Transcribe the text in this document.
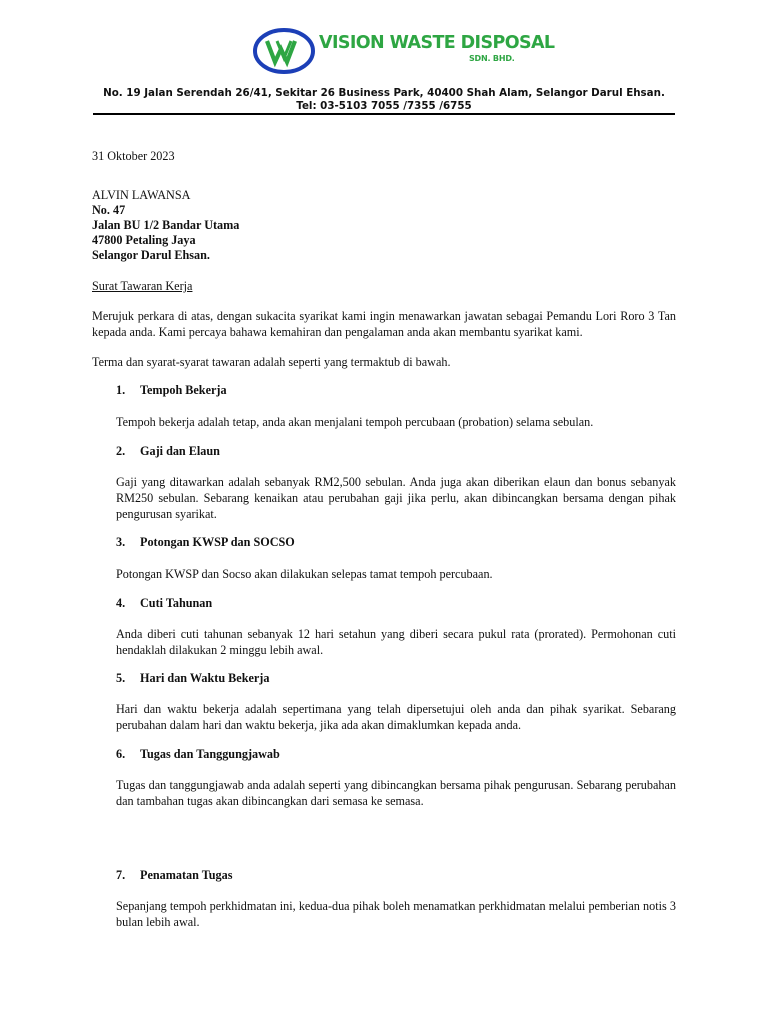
VISION WASTE DISPOSAL
SDN. BHD.
No. 19 Jalan Serendah 26/41, Sekitar 26 Business Park, 40400 Shah Alam, Selangor Darul Ehsan.
Tel: 03-5103 7055 /7355 /6755
31 Oktober 2023
ALVIN LAWANSA
No. 47
Jalan BU 1/2 Bandar Utama
47800 Petaling Jaya
Selangor Darul Ehsan.
Surat Tawaran Kerja
Merujuk perkara di atas, dengan sukacita syarikat kami ingin menawarkan jawatan sebagai Pemandu Lori Roro 3 Tan kepada anda. Kami percaya bahawa kemahiran dan pengalaman anda akan membantu syarikat kami.
Terma dan syarat-syarat tawaran adalah seperti yang termaktub di bawah.
1. Tempoh Bekerja
Tempoh bekerja adalah tetap, anda akan menjalani tempoh percubaan (probation) selama sebulan.
2. Gaji dan Elaun
Gaji yang ditawarkan adalah sebanyak RM2,500 sebulan. Anda juga akan diberikan elaun dan bonus sebanyak RM250 sebulan. Sebarang kenaikan atau perubahan gaji jika perlu, akan dibincangkan bersama dengan pihak pengurusan syarikat.
3. Potongan KWSP dan SOCSO
Potongan KWSP dan Socso akan dilakukan selepas tamat tempoh percubaan.
4. Cuti Tahunan
Anda diberi cuti tahunan sebanyak 12 hari setahun yang diberi secara pukul rata (prorated). Permohonan cuti hendaklah dilakukan 2 minggu lebih awal.
5. Hari dan Waktu Bekerja
Hari dan waktu bekerja adalah sepertimana yang telah dipersetujui oleh anda dan pihak syarikat. Sebarang perubahan dalam hari dan waktu bekerja, jika ada akan dimaklumkan kepada anda.
6. Tugas dan Tanggungjawab
Tugas dan tanggungjawab anda adalah seperti yang dibincangkan bersama pihak pengurusan. Sebarang perubahan dan tambahan tugas akan dibincangkan dari semasa ke semasa.
7. Penamatan Tugas
Sepanjang tempoh perkhidmatan ini, kedua-dua pihak boleh menamatkan perkhidmatan melalui pemberian notis 3 bulan lebih awal.
